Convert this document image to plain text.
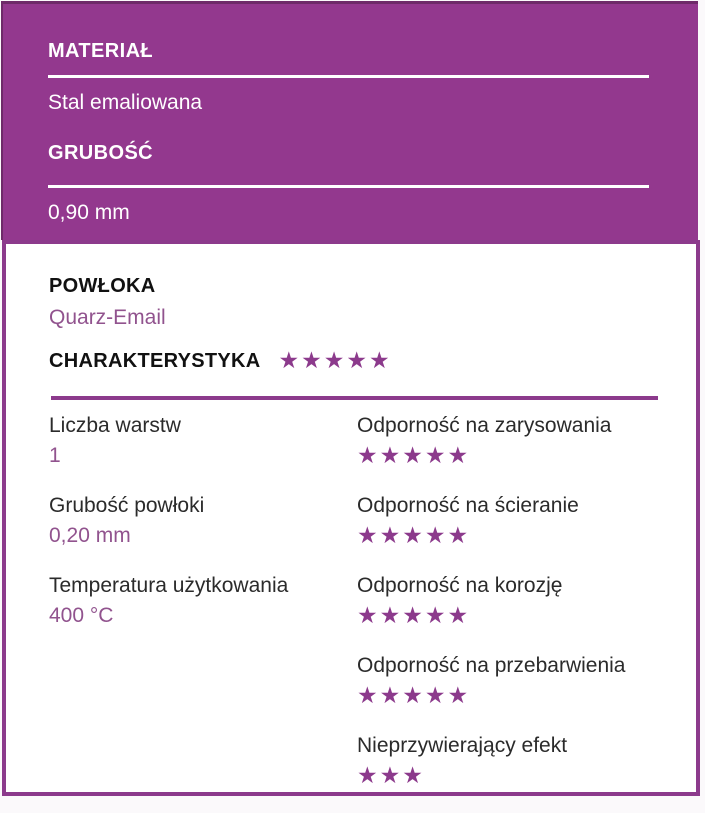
MATERIAŁ
Stal emaliowana
GRUBOŚĆ
0,90 mm
POWŁOKA
Quarz-Email
CHARAKTERYSTYKA ★★★★★
Liczba warstw
1
Grubość powłoki
0,20 mm
Temperatura użytkowania
400 °C
Odporność na zarysowania
★★★★★
Odporność na ścieranie
★★★★★
Odporność na korozję
★★★★★
Odporność na przebarwienia
★★★★★
Nieprzywierający efekt
★★★
